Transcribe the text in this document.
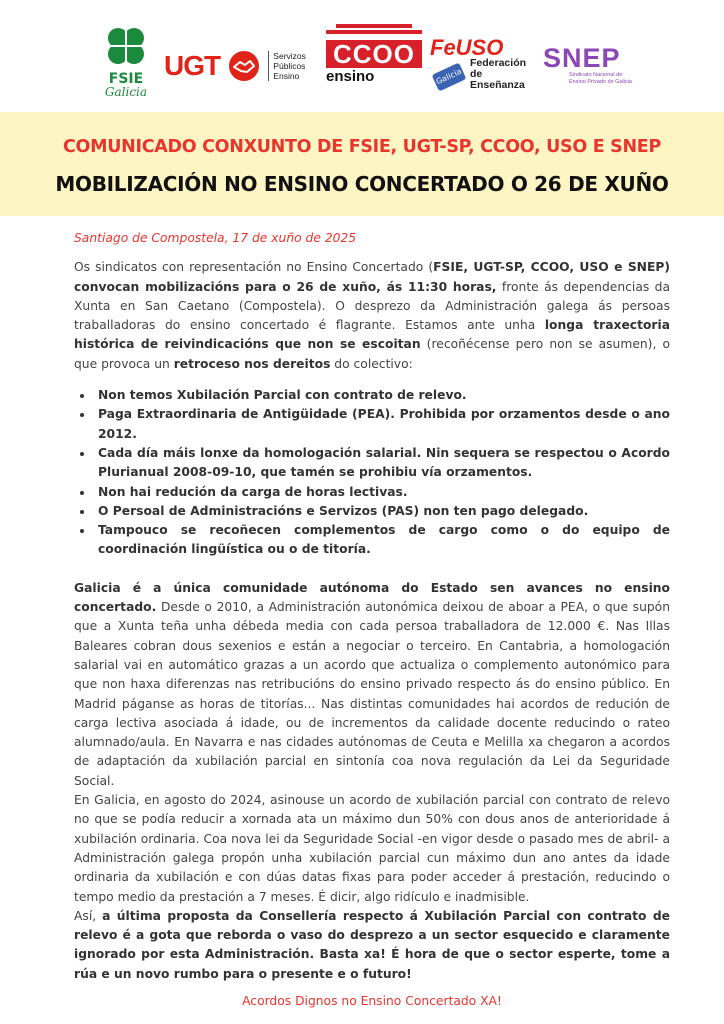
FSIE
Galicia
UGT	Servizos
Públicos
Ensino
CCOO
ensino
FeUSO
Galicia
Federación
de Enseñanza
SNEP
Sindicato Nacional de
Ensino Privado de Galicia
COMUNICADO CONXUNTO DE FSIE, UGT-SP, CCOO, USO E SNEP
MOBILIZACIÓN NO ENSINO CONCERTADO O 26 DE XUÑO
Santiago de Compostela, 17 de xuño de 2025

Os sindicatos con representación no Ensino Concertado (FSIE, UGT-SP, CCOO, USO e SNEP) convocan mobilizacións para o 26 de xuño, ás 11:30 horas, fronte ás dependencias da Xunta en San Caetano (Compostela). O desprezo da Administración galega ás persoas traballadoras do ensino concertado é flagrante. Estamos ante unha longa traxectoria histórica de reivindicacións que non se escoitan (recoñécense pero non se asumen), o que provoca un retroceso nos dereitos do colectivo:

• Non temos Xubilación Parcial con contrato de relevo.
• Paga Extraordinaria de Antigüidade (PEA). Prohibida por orzamentos desde o ano 2012.
• Cada día máis lonxe da homologación salarial. Nin sequera se respectou o Acordo Plurianual 2008-09-10, que tamén se prohibiu vía orzamentos.
• Non hai redución da carga de horas lectivas.
• O Persoal de Administracións e Servizos (PAS) non ten pago delegado.
• Tampouco se recoñecen complementos de cargo como o do equipo de coordinación lingüística ou o de titoría.

Galicia é a única comunidade autónoma do Estado sen avances no ensino concertado. Desde o 2010, a Administración autonómica deixou de aboar a PEA, o que supón que a Xunta teña unha débeda media con cada persoa traballadora de 12.000 €. Nas Illas Baleares cobran dous sexenios e están a negociar o terceiro. En Cantabria, a homologación salarial vai en automático grazas a un acordo que actualiza o complemento autonómico para que non haxa diferenzas nas retribucións do ensino privado respecto ás do ensino público. En Madrid páganse as horas de titorías... Nas distintas comunidades hai acordos de redución de carga lectiva asociada á idade, ou de incrementos da calidade docente reducindo o rateo alumnado/aula. En Navarra e nas cidades autónomas de Ceuta e Melilla xa chegaron a acordos de adaptación da xubilación parcial en sintonía coa nova regulación da Lei da Seguridade Social.

En Galicia, en agosto do 2024, asinouse un acordo de xubilación parcial con contrato de relevo no que se podía reducir a xornada ata un máximo dun 50% con dous anos de anterioridade á xubilación ordinaria. Coa nova lei da Seguridade Social -en vigor desde o pasado mes de abril- a Administración galega propón unha xubilación parcial cun máximo dun ano antes da idade ordinaria da xubilación e con dúas datas fixas para poder acceder á prestación, reducindo o tempo medio da prestación a 7 meses. É dicir, algo ridículo e inadmisible.

Así, a última proposta da Consellería respecto á Xubilación Parcial con contrato de relevo é a gota que reborda o vaso do desprezo a un sector esquecido e claramente ignorado por esta Administración. Basta xa! É hora de que o sector esperte, tome a rúa e un novo rumbo para o presente e o futuro!

Acordos Dignos no Ensino Concertado XA!
